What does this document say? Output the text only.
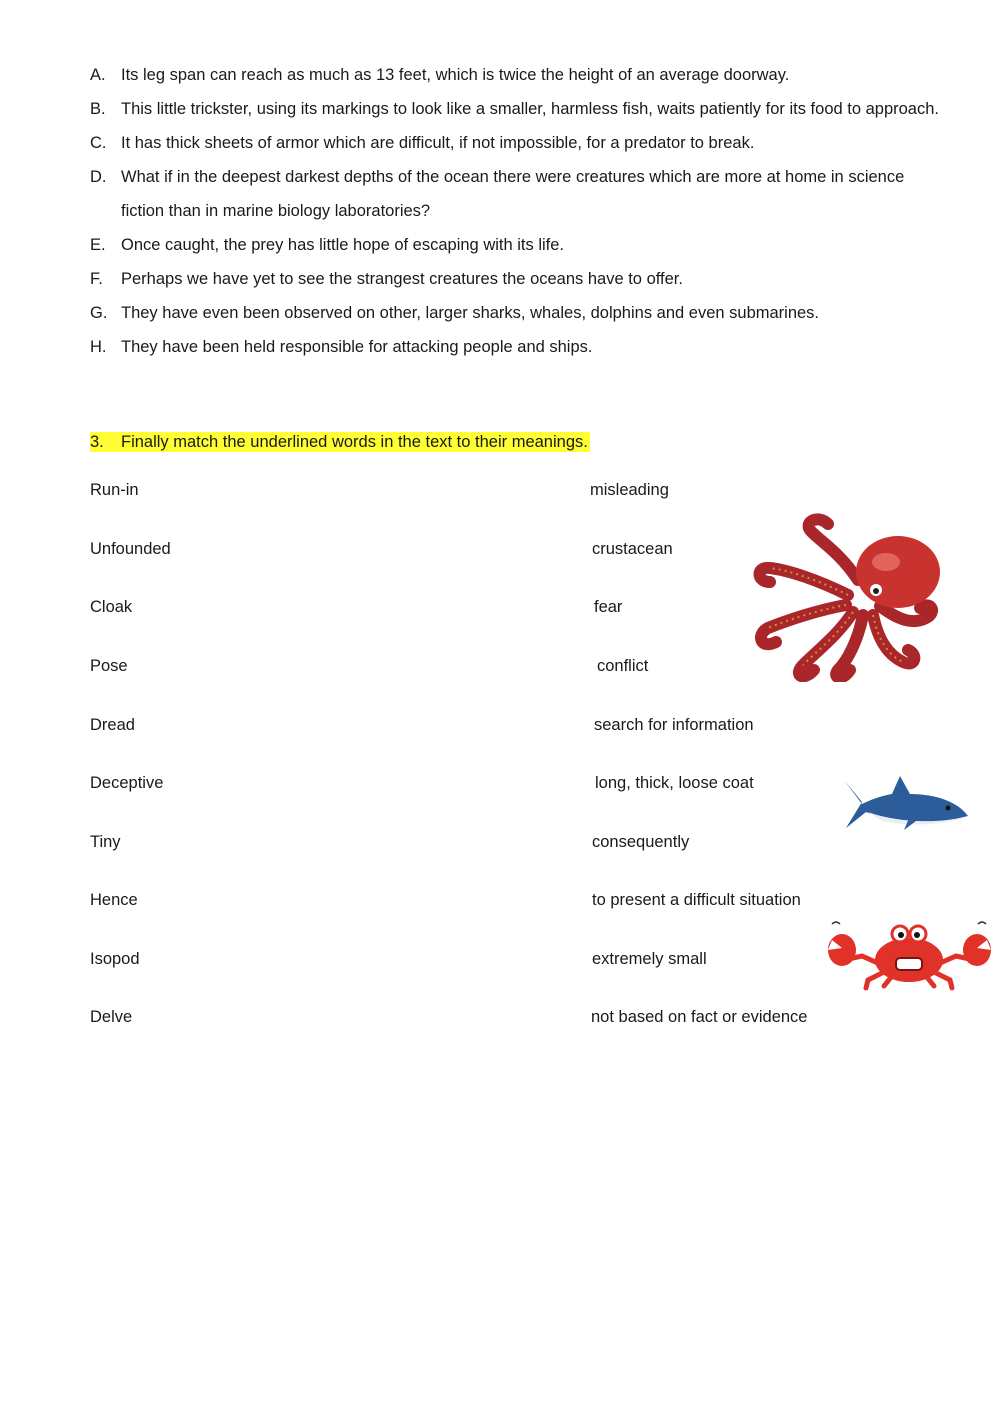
A. Its leg span can reach as much as 13 feet, which is twice the height of an average doorway.
B. This little trickster, using its markings to look like a smaller, harmless fish, waits patiently for its food to approach.
C. It has thick sheets of armor which are difficult, if not impossible, for a predator to break.
D. What if in the deepest darkest depths of the ocean there were creatures which are more at home in science fiction than in marine biology laboratories?
E. Once caught, the prey has little hope of escaping with its life.
F.	Perhaps we have yet to see the strangest creatures the oceans have to offer.
G. They have even been observed on other, larger sharks, whales, dolphins and even submarines.
H. They have been held responsible for attacking people and ships.
3. Finally match the underlined words in the text to their meanings.
Run-in
Unfounded
Cloak
Pose
Dread
Deceptive
Tiny
Hence
Isopod
Delve
misleading
crustacean
fear
conflict
search for information
long, thick, loose coat
consequently
to present a difficult situation
extremely small
not based on fact or evidence
